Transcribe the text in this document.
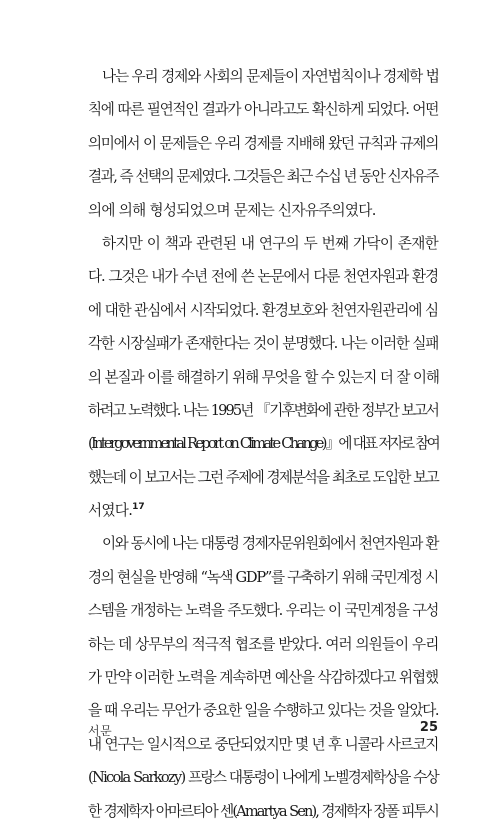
나는 우리 경제와 사회의 문제들이 자연법칙이나 경제학 법
칙에 따른 필연적인 결과가 아니라고도 확신하게 되었다. 어떤
의미에서 이 문제들은 우리 경제를 지배해 왔던 규칙과 규제의
결과, 즉 선택의 문제였다. 그것들은 최근 수십 년 동안 신자유주
의에 의해 형성되었으며 문제는 신자유주의였다.
하지만 이 책과 관련된 내 연구의 두 번째 가닥이 존재한
다. 그것은 내가 수년 전에 쓴 논문에서 다룬 천연자원과 환경
에 대한 관심에서 시작되었다. 환경보호와 천연자원관리에 심
각한 시장실패가 존재한다는 것이 분명했다. 나는 이러한 실패
의 본질과 이를 해결하기 위해 무엇을 할 수 있는지 더 잘 이해
하려고 노력했다. 나는 1995년 『기후변화에 관한 정부간 보고서
(Intergovernmental Report on Climate Change)』에 대표 저자로 참여
했는데 이 보고서는 그런 주제에 경제분석을 최초로 도입한 보고
서였다.$^{17}$
이와 동시에 나는 대통령 경제자문위원회에서 천연자원과 환
경의 현실을 반영해 “녹색 GDP”를 구축하기 위해 국민계정 시
스템을 개정하는 노력을 주도했다. 우리는 이 국민계정을 구성
하는 데 상무부의 적극적 협조를 받았다. 여러 의원들이 우리
가 만약 이러한 노력을 계속하면 예산을 삭감하겠다고 위협했
을 때 우리는 무언가 중요한 일을 수행하고 있다는 것을 알았다.
내 연구는 일시적으로 중단되었지만 몇 년 후 니콜라 사르코지
(Nicola Sarkozy) 프랑스 대통령이 나에게 노벨경제학상을 수상
한 경제학자 아마르티아 센(Amartya Sen), 경제학자 장폴 피투시
서문	25
